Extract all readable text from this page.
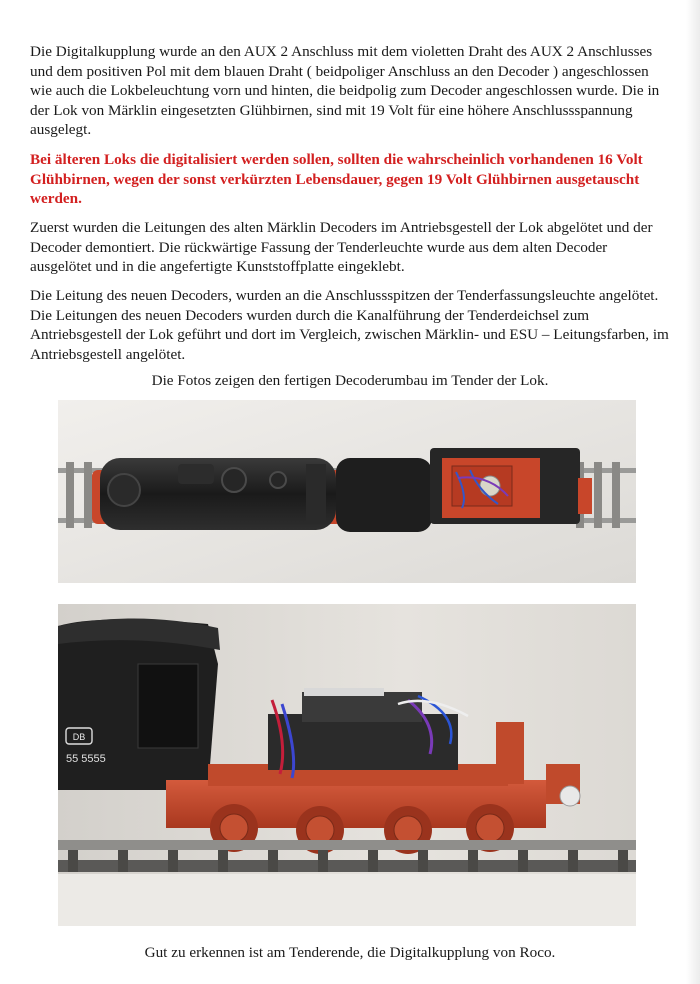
Die Digitalkupplung wurde an den AUX 2 Anschluss mit dem violetten Draht des AUX 2 Anschlusses und dem positiven Pol mit dem blauen Draht ( beidpoliger Anschluss an den Decoder ) angeschlossen wie auch die Lokbeleuchtung vorn und hinten, die beidpolig zum Decoder angeschlossen wurde. Die in der Lok von Märklin eingesetzten Glühbirnen, sind mit 19 Volt für eine höhere Anschlussspannung ausgelegt.

Bei älteren Loks die digitalisiert werden sollen, sollten die wahrscheinlich vorhandenen 16 Volt Glühbirnen, wegen der sonst verkürzten Lebensdauer, gegen 19 Volt Glühbirnen ausgetauscht werden.

Zuerst wurden die Leitungen des alten Märklin Decoders im Antriebsgestell der Lok abgelötet und der Decoder demontiert. Die rückwärtige Fassung der Tenderleuchte wurde aus dem alten Decoder ausgelötet und in die angefertigte Kunststoffplatte eingeklebt.

Die Leitung des neuen Decoders, wurden an die Anschlussspitzen der Tenderfassungsleuchte angelötet. Die Leitungen des neuen Decoders wurden durch die Kanalführung der Tenderdeichsel zum Antriebsgestell der Lok geführt und dort im Vergleich, zwischen Märklin- und ESU – Leitungsfarben, im Antriebsgestell angelötet.

Die Fotos zeigen den fertigen Decoderumbau im Tender der Lok.

DB
55 5555

Gut zu erkennen ist am Tenderende, die Digitalkupplung von Roco.
